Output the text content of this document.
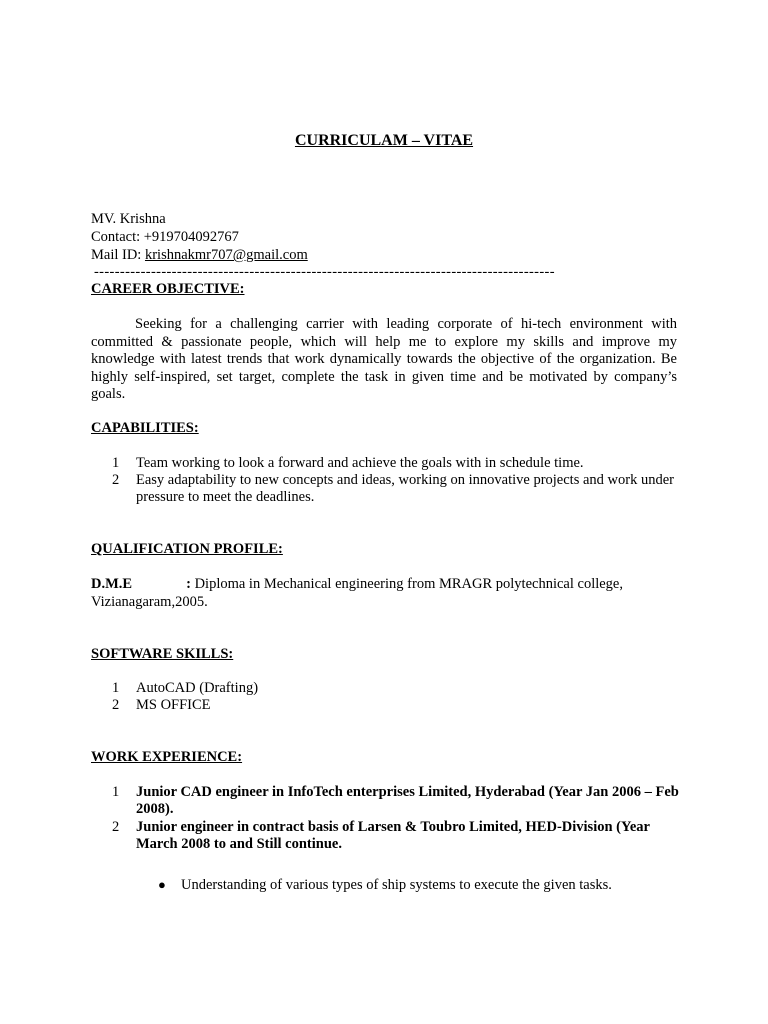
CURRICULAM – VITAE
MV. Krishna
Contact: +919704092767
Mail ID: krishnakmr707@gmail.com
-----------------------------------------------------------------------------------------
CAREER OBJECTIVE:
Seeking for a challenging carrier with leading corporate of hi-tech environment with committed & passionate people, which will help me to explore my skills and improve my knowledge with latest trends that work dynamically towards the objective of the organization. Be highly self-inspired, set target, complete the task in given time and be motivated by company’s goals.
CAPABILITIES:
1 Team working to look a forward and achieve the goals with in schedule time.
2 Easy adaptability to new concepts and ideas, working on innovative projects and work under pressure to meet the deadlines.
QUALIFICATION PROFILE:
D.M.E	: Diploma in Mechanical engineering from MRAGR polytechnical college,
Vizianagaram,2005.
SOFTWARE SKILLS:
1 AutoCAD (Drafting)
2 MS OFFICE
WORK EXPERIENCE:
1 Junior CAD engineer in InfoTech enterprises Limited, Hyderabad (Year Jan 2006 – Feb 2008).
2 Junior engineer in contract basis of Larsen & Toubro Limited, HED-Division (Year March 2008 to and Still continue.
● Understanding of various types of ship systems to execute the given tasks.
